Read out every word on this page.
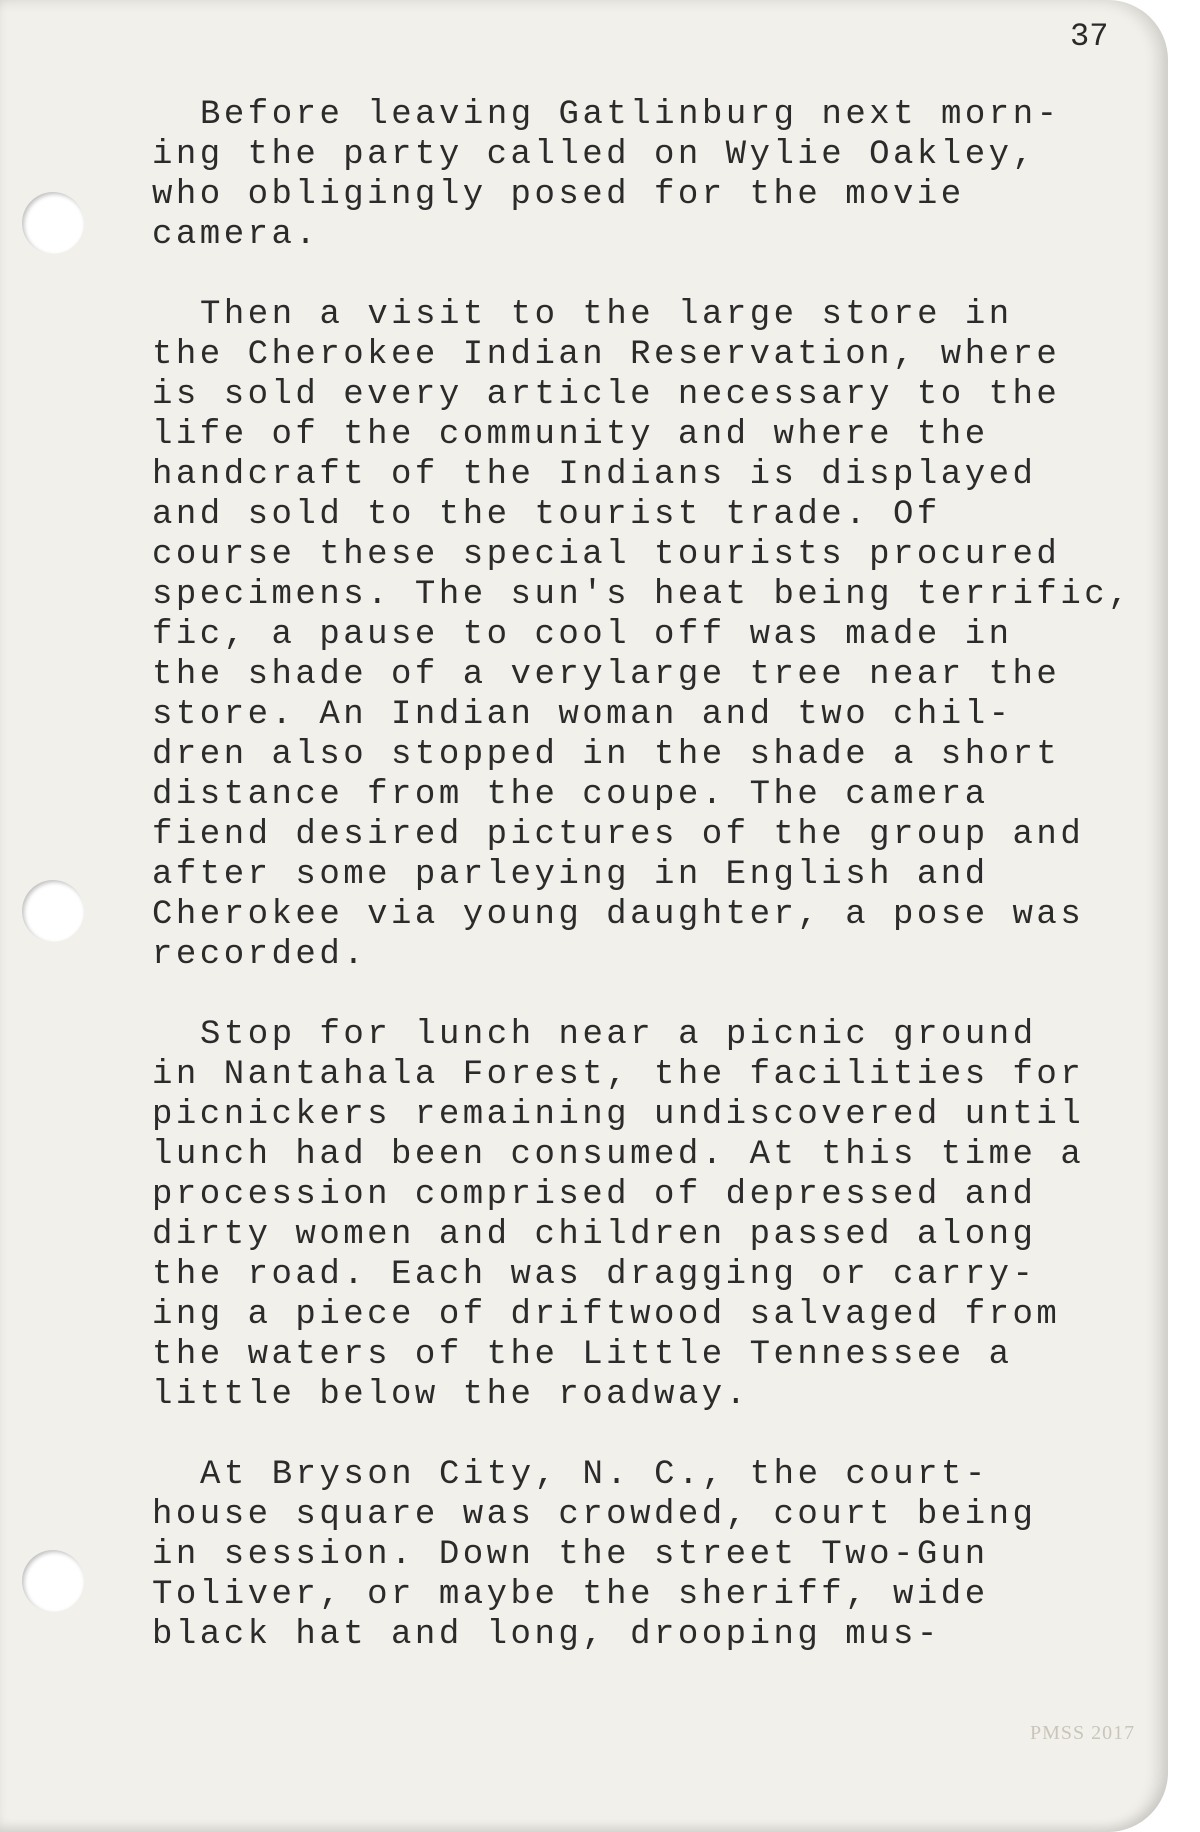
37
Before leaving Gatlinburg next morn-
ing the party called on Wylie Oakley,
who obligingly posed for the movie
camera.
Then a visit to the large store in
the Cherokee Indian Reservation, where
is sold every article necessary to the
life of the community and where the
handcraft of the Indians is displayed
and sold to the tourist trade. Of
course these special tourists procured
specimens. The sun's heat being terrific,
fic, a pause to cool off was made in
the shade of a verylarge tree near the
store. An Indian woman and two chil-
dren also stopped in the shade a short
distance from the coupe. The camera
fiend desired pictures of the group and
after some parleying in English and
Cherokee via young daughter, a pose was
recorded.
Stop for lunch near a picnic ground
in Nantahala Forest, the facilities for
picnickers remaining undiscovered until
lunch had been consumed. At this time a
procession comprised of depressed and
dirty women and children passed along
the road. Each was dragging or carry-
ing a piece of driftwood salvaged from
the waters of the Little Tennessee a
little below the roadway.
At Bryson City, N. C., the court-
house square was crowded, court being
in session. Down the street Two-Gun
Toliver, or maybe the sheriff, wide
black hat and long, drooping mus-
PMSS 2017
